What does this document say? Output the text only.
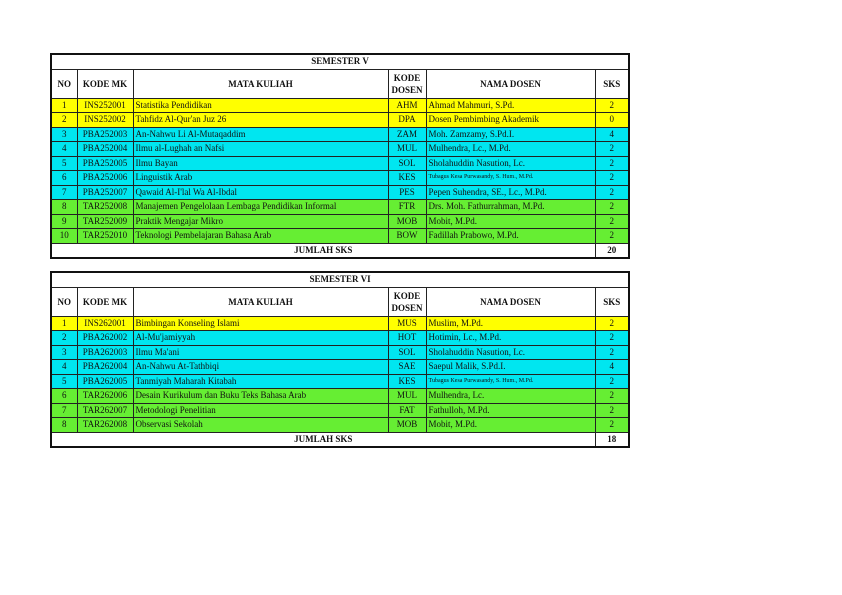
SEMESTER V					
NO	KODE MK	MATA KULIAH	KODE DOSEN	NAMA DOSEN	SKS
1	INS252001	Statistika Pendidikan	AHM	Ahmad Mahmuri, S.Pd.	2
2	INS252002	Tahfidz Al-Qur'an Juz 26	DPA	Dosen Pembimbing Akademik	0
3	PBA252003	An-Nahwu Li Al-Mutaqaddim	ZAM	Moh. Zamzamy, S.Pd.I.	4
4	PBA252004	Ilmu al-Lughah an Nafsi	MUL	Mulhendra, Lc., M.Pd.	2
5	PBA252005	Ilmu Bayan	SOL	Sholahuddin Nasution, Lc.	2
6	PBA252006	Linguistik Arab	KES	Tubagus Kesa Purwasandy, S. Hum., M.Pd.	2
7	PBA252007	Qawaid Al-I'lal Wa Al-Ibdal	PES	Pepen Suhendra, SE., Lc., M.Pd.	2
8	TAR252008	Manajemen Pengelolaan Lembaga Pendidikan Informal	FTR	Drs. Moh. Fathurrahman, M.Pd.	2
9	TAR252009	Praktik Mengajar Mikro	MOB	Mobit, M.Pd.	2
10	TAR252010	Teknologi Pembelajaran Bahasa Arab	BOW	Fadillah Prabowo, M.Pd.	2
JUMLAH SKS					20
SEMESTER VI					
NO	KODE MK	MATA KULIAH	KODE DOSEN	NAMA DOSEN	SKS
1	INS262001	Bimbingan Konseling Islami	MUS	Muslim, M.Pd.	2
2	PBA262002	Al-Mu'jamiyyah	HOT	Hotimin, Lc., M.Pd.	2
3	PBA262003	Ilmu Ma'ani	SOL	Sholahuddin Nasution, Lc.	2
4	PBA262004	An-Nahwu At-Tathbiqi	SAE	Saepul Malik, S.Pd.I.	4
5	PBA262005	Tanmiyah Maharah Kitabah	KES	Tubagus Kesa Purwasandy, S. Hum., M.Pd.	2
6	TAR262006	Desain Kurikulum dan Buku Teks Bahasa Arab	MUL	Mulhendra, Lc.	2
7	TAR262007	Metodologi Penelitian	FAT	Fathulloh, M.Pd.	2
8	TAR262008	Observasi Sekolah	MOB	Mobit, M.Pd.	2
JUMLAH SKS					18
